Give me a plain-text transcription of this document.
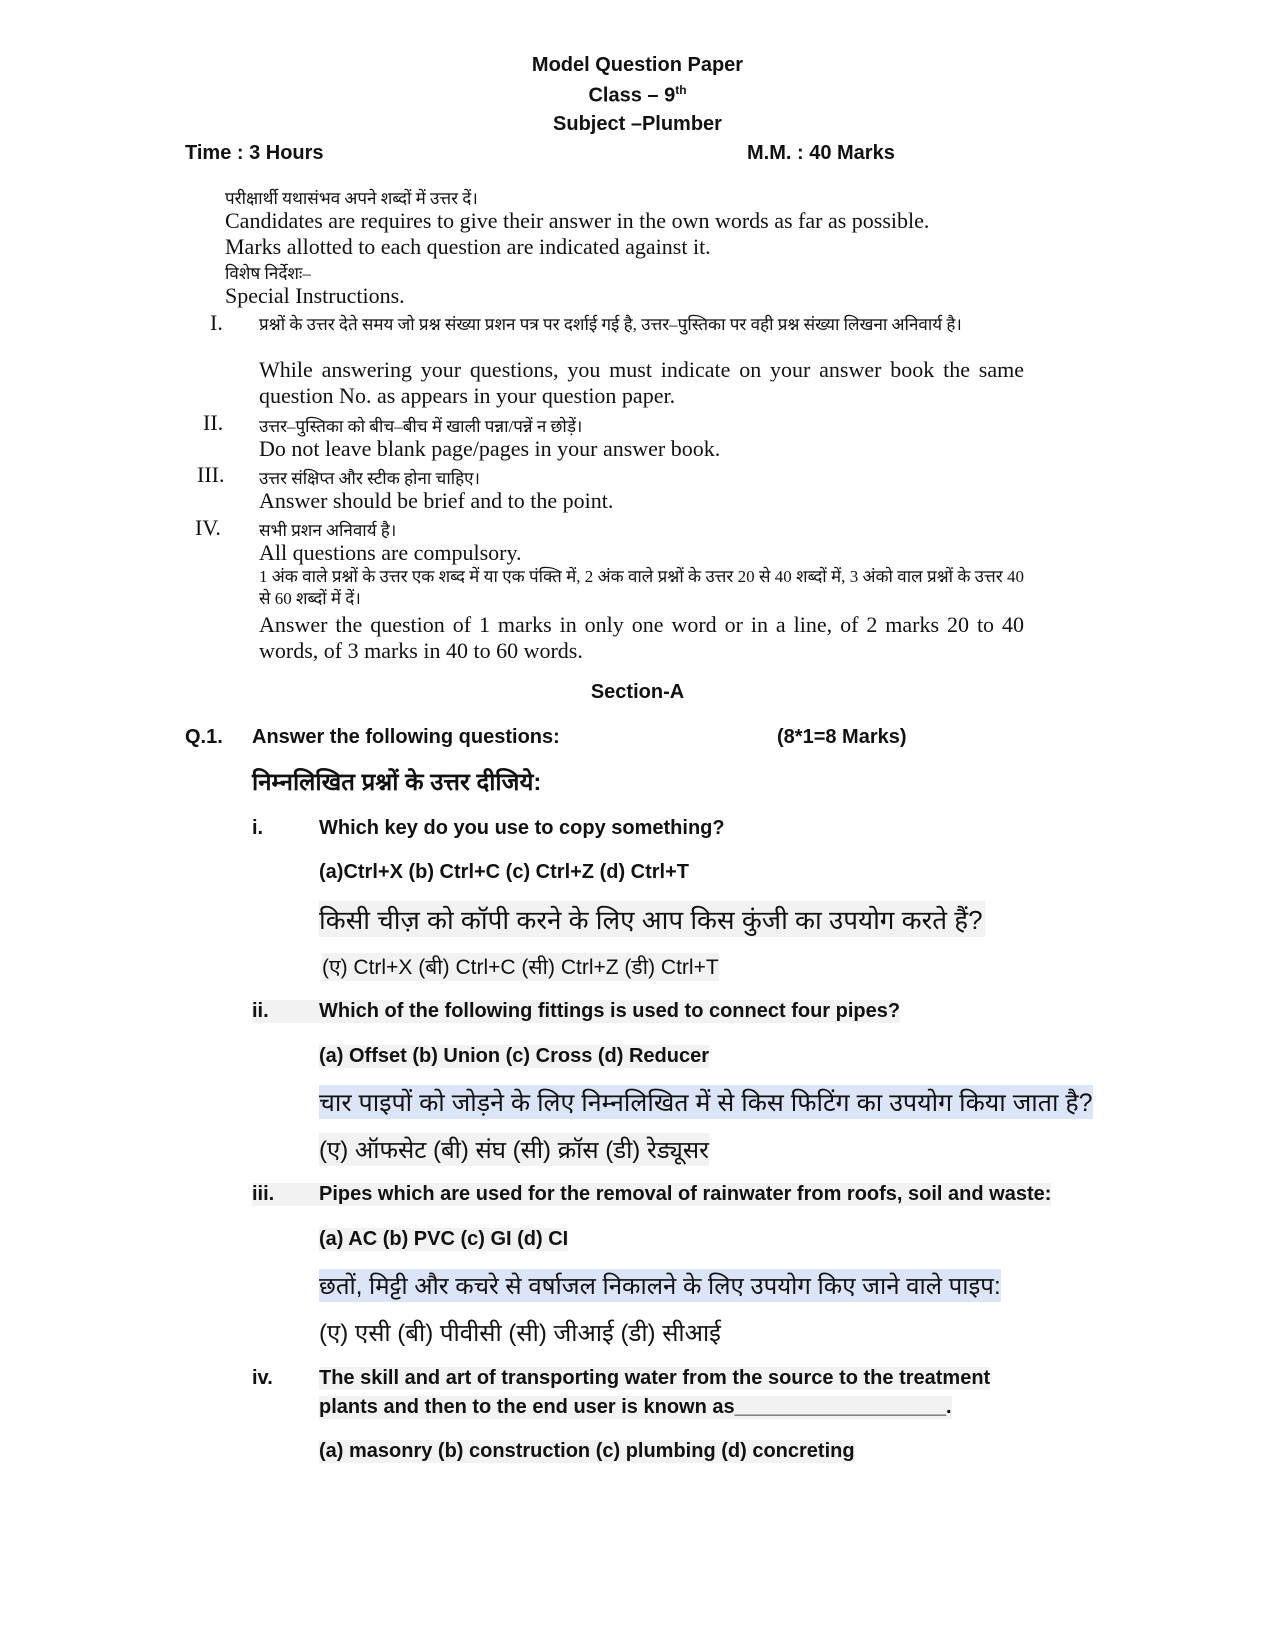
Model Question Paper
Class – 9th
Subject –Plumber
Time : 3 Hours	M.M. : 40 Marks
परीक्षार्थी यथासंभव अपने शब्दों में उत्तर दें।
Candidates are requires to give their answer in the own words as far as possible.
Marks allotted to each question are indicated against it.
विशेष निर्देशः–
Special Instructions.
I. प्रश्नों के उत्तर देते समय जो प्रश्न संख्या प्रशन पत्र पर दर्शाई गई है, उत्तर–पुस्तिका पर वही प्रश्न संख्या लिखना अनिवार्य है।
While answering your questions, you must indicate on your answer book the same question No. as appears in your question paper.
II. उत्तर–पुस्तिका को बीच–बीच में खाली पन्ना/पन्नें न छोड़ें।
Do not leave blank page/pages in your answer book.
III. उत्तर संक्षिप्त और स्टीक होना चाहिए।
Answer should be brief and to the point.
IV. सभी प्रशन अनिवार्य है।
All questions are compulsory.
1 अंक वाले प्रश्नों के उत्तर एक शब्द में या एक पंक्ति में, 2 अंक वाले प्रश्नों के उत्तर 20 से 40 शब्दों में, 3 अंको वाल प्रश्नों के उत्तर 40 से 60 शब्दों में दें।
Answer the question of 1 marks in only one word or in a line, of 2 marks 20 to 40 words, of 3 marks in 40 to 60 words.
Section-A
Q.1. Answer the following questions:	(8*1=8 Marks)
निम्नलिखित प्रश्नों के उत्तर दीजिये:
i.	Which key do you use to copy something?
(a)Ctrl+X (b) Ctrl+C (c) Ctrl+Z (d) Ctrl+T
किसी चीज़ को कॉपी करने के लिए आप किस कुंजी का उपयोग करते हैं?
(ए) Ctrl+X (बी) Ctrl+C (सी) Ctrl+Z (डी) Ctrl+T
ii.	Which of the following fittings is used to connect four pipes?
(a) Offset (b) Union (c) Cross (d) Reducer
चार पाइपों को जोड़ने के लिए निम्नलिखित में से किस फिटिंग का उपयोग किया जाता है?
(ए) ऑफसेट (बी) संघ (सी) क्रॉस (डी) रेड्यूसर
iii.	Pipes which are used for the removal of rainwater from roofs, soil and waste:
(a) AC (b) PVC (c) GI (d) CI
छतों, मिट्टी और कचरे से वर्षाजल निकालने के लिए उपयोग किए जाने वाले पाइप:
(ए) एसी (बी) पीवीसी (सी) जीआई (डी) सीआई
iv. The skill and art of transporting water from the source to the treatment
plants and then to the end user is known as___________________.
(a) masonry (b) construction (c) plumbing (d) concreting
